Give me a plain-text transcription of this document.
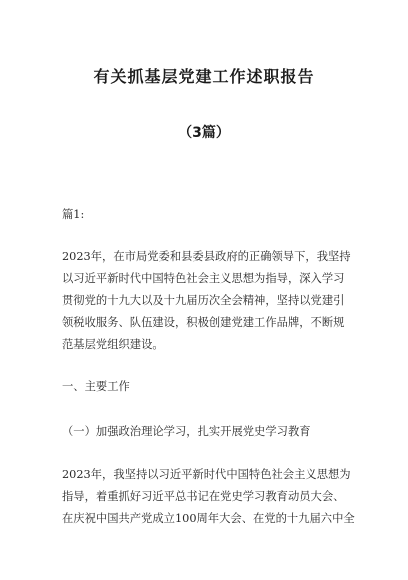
有关抓基层党建工作述职报告
（3篇）
篇1:
2023年，在市局党委和县委县政府的正确领导下，我坚持
以习近平新时代中国特色社会主义思想为指导，深入学习
贯彻党的十九大以及十九届历次全会精神，坚持以党建引
领税收服务、队伍建设，积极创建党建工作品牌，不断规
范基层党组织建设。
一、主要工作
（一）加强政治理论学习，扎实开展党史学习教育
2023年，我坚持以习近平新时代中国特色社会主义思想为
指导，着重抓好习近平总书记在党史学习教育动员大会、
在庆祝中国共产党成立100周年大会、在党的十九届六中全
